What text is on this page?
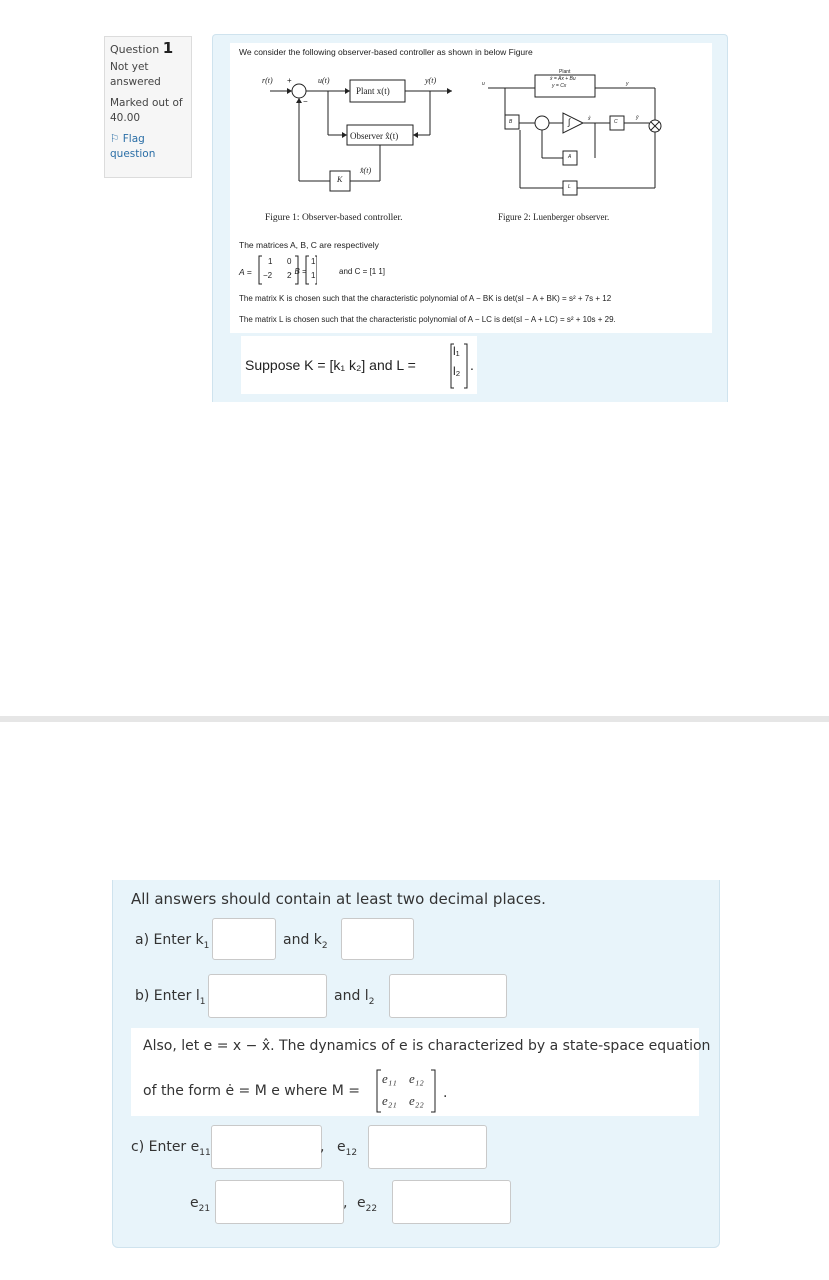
Question 1
Not yet answered
Marked out of
40.00
⚐ Flag question
We consider the following observer-based controller as shown in below Figure
r(t) +
−
u(t)	y(t)
Plant x(t)
Observer x̂(t)
K
x̂(t)
Figure 1: Observer-based controller.
Plant
ẋ = Ax + Bu
y = Cx
u	y
B	∫	x̂	C
ŷ
A
L
Figure 2: Luenberger observer.
The matrices A, B, C are respectively
A =
1 0
−2 2
, B =
1
1	and C = [1 1]
The matrix K is chosen such that the characteristic polynomial of A − BK is det(sI − A + BK) = s² + 7s + 12
The matrix L is chosen such that the characteristic polynomial of A − LC is det(sI − A + LC) = s² + 10s + 29.
Suppose K = [k₁ k₂] and L =
l₁
l₂ .
All answers should contain at least two decimal places.
a) Enter $k_1$	and $k_2$
b) Enter $l_1$	and $l_2$
Also, let e = x − x̂. The dynamics of e is characterized by a state-space equation
of the form ė = M e where M =
e₁₁ e₁₂
e₂₁ e₂₂ .
c) Enter $e_{11}$	, $e_{12}$
$e_{21}$	, $e_{22}$
